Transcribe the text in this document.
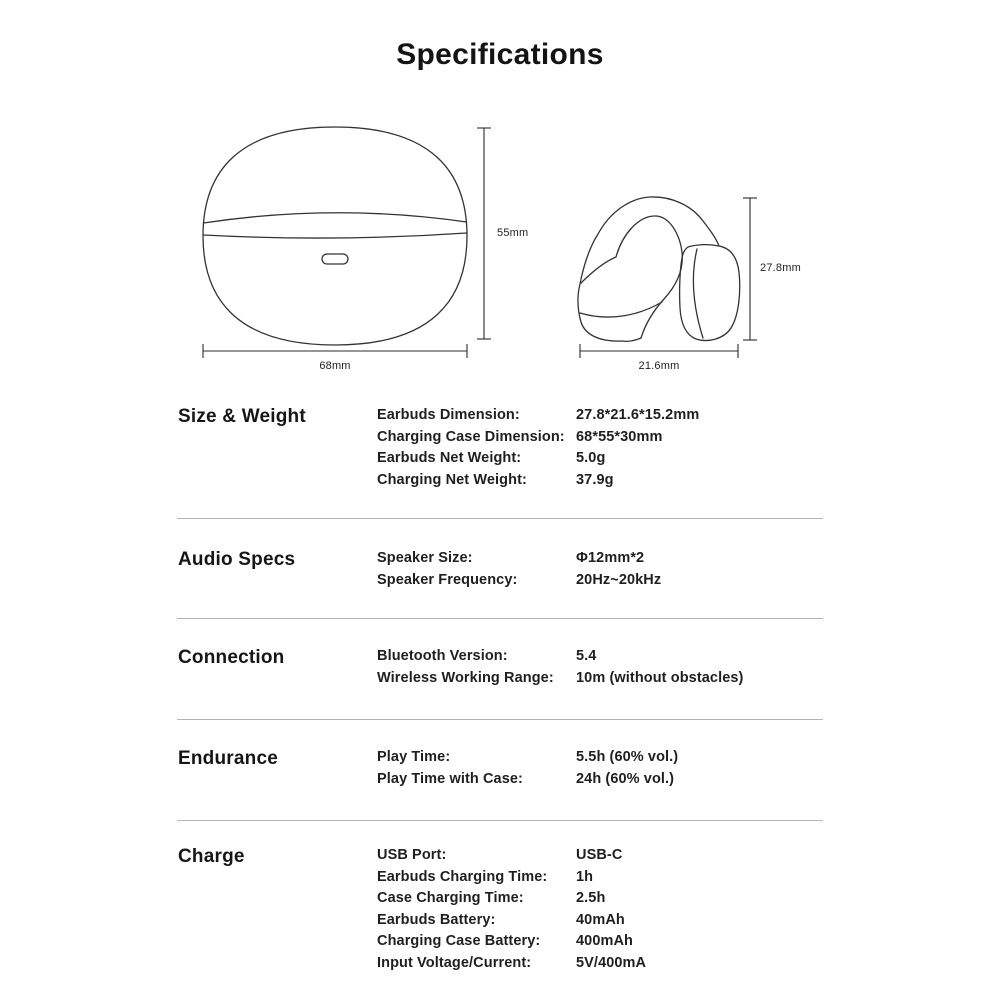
Specifications
55mm
68mm
27.8mm
21.6mm
Size & Weight	Earbuds Dimension:	27.8*21.6*15.2mm
Charging Case Dimension: 68*55*30mm
Earbuds Net Weight:	5.0g
Charging Net Weight:	37.9g
Audio Specs	Speaker Size:	Φ12mm*2
Speaker Frequency:	20Hz~20kHz
Connection	Bluetooth Version:	5.4
Wireless Working Range:	10m (without obstacles)
Endurance	Play Time:	5.5h (60% vol.)
Play Time with Case:	24h (60% vol.)
Charge	USB Port:	USB-C
Earbuds Charging Time:	1h
Case Charging Time:	2.5h
Earbuds Battery:	40mAh
Charging Case Battery:	400mAh
Input Voltage/Current:	5V/400mA
